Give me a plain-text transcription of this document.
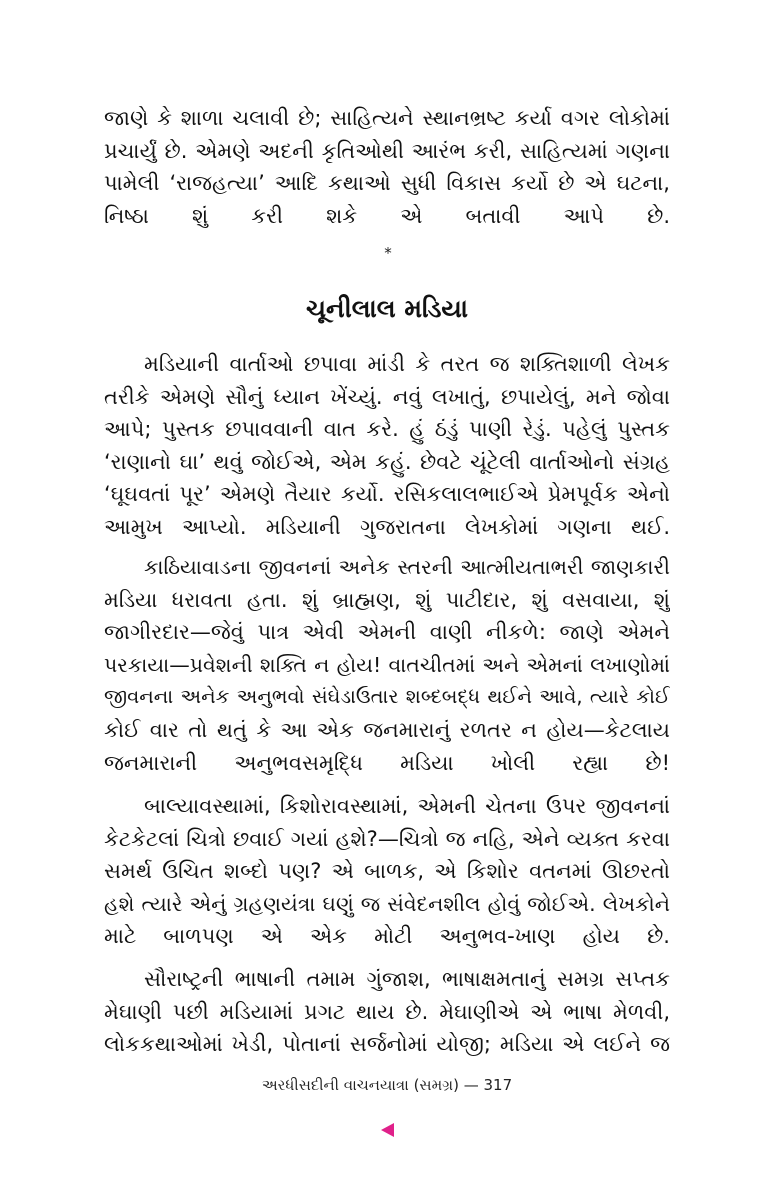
જાણે કે શાળા ચલાવી છે; સાહિત્યને સ્થાનભ્રષ્ટ કર્યા વગર લોકોમાં
પ્રચાર્યું છે. એમણે અદની કૃતિઓથી આરંભ કરી, સાહિત્યમાં ગણના
પામેલી ‘રાજહત્યા’ આદિ કથાઓ સુધી વિકાસ કર્યો છે એ ઘટના,
નિષ્ઠા શું કરી શકે એ બતાવી આપે છે.
*
ચૂનીલાલ મડિયા
મડિયાની વાર્તાઓ છપાવા માંડી કે તરત જ શક્તિશાળી લેખક
તરીકે એમણે સૌનું ધ્યાન ખેંચ્યું. નવું લખાતું, છપાયેલું, મને જોવા
આપે; પુસ્તક છપાવવાની વાત કરે. હું ઠંડું પાણી રેડું. પહેલું પુસ્તક
‘રાણાનો ઘા’ થવું જોઈએ, એમ કહું. છેવટે ચૂંટેલી વાર્તાઓનો સંગ્રહ
‘ઘૂઘવતાં પૂર’ એમણે તૈયાર કર્યો. રસિકલાલભાઈએ પ્રેમપૂર્વક એનો
આમુખ આપ્યો. મડિયાની ગુજરાતના લેખકોમાં ગણના થઈ.
કાઠિયાવાડના જીવનનાં અનેક સ્તરની આત્મીયતાભરી જાણકારી
મડિયા ધરાવતા હતા. શું બ્રાહ્મણ, શું પાટીદાર, શું વસવાયા, શું
જાગીરદાર—જેવું પાત્ર એવી એમની વાણી નીકળે: જાણે એમને
પરકાયા—પ્રવેશની શક્તિ ન હોય! વાતચીતમાં અને એમનાં લખાણોમાં
જીવનના અનેક અનુભવો સંઘેડાઉતાર શબ્દબદ્ધ થઈને આવે, ત્યારે કોઈ
કોઈ વાર તો થતું કે આ એક જનમારાનું રળતર ન હોય—કેટલાય
જનમારાની અનુભવસમૃદ્ધિ મડિયા ખોલી રહ્યા છે!
બાલ્યાવસ્થામાં, કિશોરાવસ્થામાં, એમની ચેતના ઉપર જીવનનાં
કેટકેટલાં ચિત્રો છવાઈ ગયાં હશે?—ચિત્રો જ નહિ, એને વ્યક્ત કરવા
સમર્થ ઉચિત શબ્દો પણ? એ બાળક, એ કિશોર વતનમાં ઊછરતો
હશે ત્યારે એનું ગ્રહણયંત્રા ઘણું જ સંવેદનશીલ હોવું જોઈએ. લેખકોને
માટે બાળપણ એ એક મોટી અનુભવ-ખાણ હોય છે.
સૌરાષ્ટ્રની ભાષાની તમામ ગુંજાશ, ભાષાક્ષમતાનું સમગ્ર સપ્તક
મેઘાણી પછી મડિયામાં પ્રગટ થાય છે. મેઘાણીએ એ ભાષા મેળવી,
લોકકથાઓમાં ખેડી, પોતાનાં સર્જનોમાં યોજી; મડિયા એ લઈને જ
અરધીસદીની વાચનયાત્રા (સમગ્ર) — 317
